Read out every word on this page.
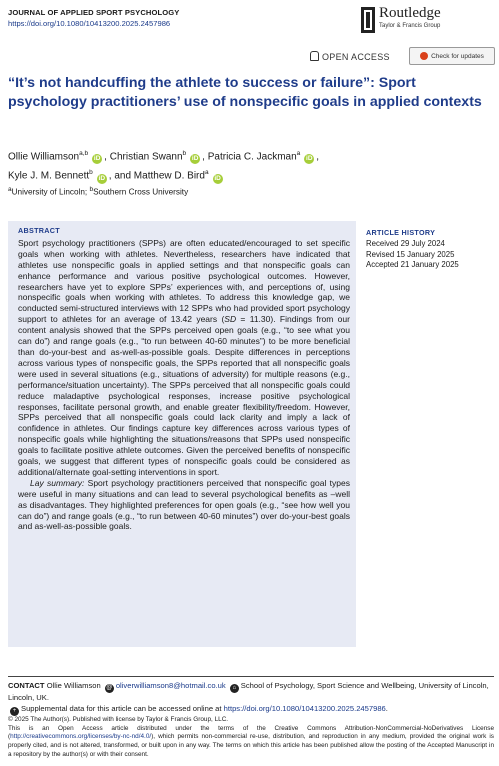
JOURNAL OF APPLIED SPORT PSYCHOLOGY
https://doi.org/10.1080/10413200.2025.2457986
Routledge
Taylor & Francis Group
OPEN ACCESS	Check for updates
“It’s not handcuffing the athlete to success or failure”: Sport psychology practitioners’ use of nonspecific goals in applied contexts
Ollie Williamson$^{a,b}$iD , Christian Swann$^b$iD , Patricia C. Jackman$^a$iD ,
Kyle J. M. Bennett$^b$iD , and Matthew D. Bird$^a$iD
$^a$University of Lincoln; $^b$Southern Cross University
ABSTRACT
Sport psychology practitioners (SPPs) are often educated/encouraged to set specific goals when working with athletes. Nevertheless, researchers have indicated that athletes use nonspecific goals in applied settings and that nonspecific goals can enhance performance and various positive psychological outcomes. However, researchers have yet to explore SPPs’ experiences with, and perceptions of, using nonspecific goals when working with athletes. To address this knowledge gap, we conducted semi-structured interviews with 12 SPPs who had provided sport psychology support to athletes for an average of 13.42 years (SD = 11.30). Findings from our content analysis showed that the SPPs perceived open goals (e.g., “to see what you can do”) and range goals (e.g., “to run between 40-60 minutes”) to be more beneficial than do-your-best and as-well-as-possible goals. Despite differences in perceptions across various types of nonspecific goals, the SPPs reported that all nonspecific goals were used in several situations (e.g., situations of adversity) for multiple reasons (e.g., performance/situation uncertainty). The SPPs perceived that all nonspecific goals could reduce maladaptive psychological responses, increase positive psychological responses, facilitate personal growth, and enable greater flexibility/freedom. However, SPPs perceived that all nonspecific goals could lack clarity and imply a lack of confidence in athletes. Our findings capture key differences across various types of nonspecific goals while highlighting the situations/reasons that SPPs used nonspecific goals to facilitate positive athlete outcomes. Given the perceived benefits of nonspecific goals, we suggest that different types of nonspecific goals could be considered as additional/alternate goal-setting interventions in sport.
Lay summary: Sport psychology practitioners perceived that nonspecific goal types were useful in many situations and can lead to several psychological benefits as –well as disadvantages. They highlighted preferences for open goals (e.g., “see how well you can do”) and range goals (e.g., “to run between 40-60 minutes”) over do-your-best goals and as-well-as-possible goals.
ARTICLE HISTORY
Received 29 July 2024
Revised 15 January 2025
Accepted 21 January 2025
CONTACT Ollie Williamson @ oliverwilliamson8@hotmail.co.uk ⌂ School of Psychology, Sport Science and Wellbeing, University of Lincoln, Lincoln, UK.
+ Supplemental data for this article can be accessed online at https://doi.org/10.1080/10413200.2025.2457986.
© 2025 The Author(s). Published with license by Taylor & Francis Group, LLC.
This is an Open Access article distributed under the terms of the Creative Commons Attribution-NonCommercial-NoDerivatives License (http://creativecommons.org/licenses/by-nc-nd/4.0/), which permits non-commercial re-use, distribution, and reproduction in any medium, provided the original work is properly cited, and is not altered, transformed, or built upon in any way. The terms on which this article has been published allow the posting of the Accepted Manuscript in a repository by the author(s) or with their consent.
